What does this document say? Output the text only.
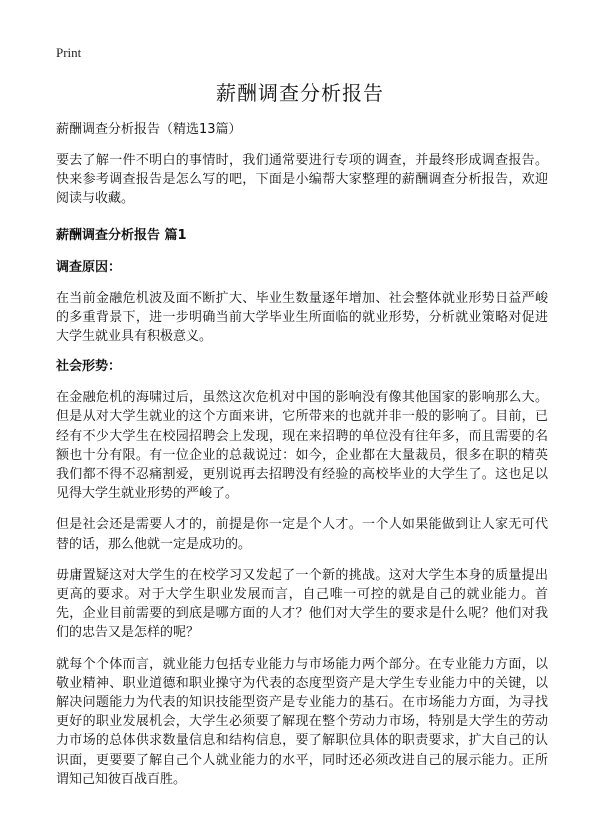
Print
薪酬调查分析报告
薪酬调查分析报告（精选13篇）

要去了解一件不明白的事情时，我们通常要进行专项的调查，并最终形成调查报告。快来参考调查报告是怎么写的吧，下面是小编帮大家整理的薪酬调查分析报告，欢迎阅读与收藏。

薪酬调查分析报告 篇1
调查原因：

在当前金融危机波及面不断扩大、毕业生数量逐年增加、社会整体就业形势日益严峻的多重背景下，进一步明确当前大学毕业生所面临的就业形势，分析就业策略对促进大学生就业具有积极意义。

社会形势：

在金融危机的海啸过后，虽然这次危机对中国的影响没有像其他国家的影响那么大。但是从对大学生就业的这个方面来讲，它所带来的也就并非一般的影响了。目前，已经有不少大学生在校园招聘会上发现，现在来招聘的单位没有往年多，而且需要的名额也十分有限。有一位企业的总裁说过：如今，企业都在大量裁员，很多在职的精英我们都不得不忍痛割爱，更别说再去招聘没有经验的高校毕业的大学生了。这也足以见得大学生就业形势的严峻了。

但是社会还是需要人才的，前提是你一定是个人才。一个人如果能做到让人家无可代替的话，那么他就一定是成功的。

毋庸置疑这对大学生的在校学习又发起了一个新的挑战。这对大学生本身的质量提出更高的要求。对于大学生职业发展而言，自己唯一可控的就是自己的就业能力。首先，企业目前需要的到底是哪方面的人才？他们对大学生的要求是什么呢？他们对我们的忠告又是怎样的呢？

就每个个体而言，就业能力包括专业能力与市场能力两个部分。在专业能力方面，以敬业精神、职业道德和职业操守为代表的态度型资产是大学生专业能力中的关键，以解决问题能力为代表的知识技能型资产是专业能力的基石。在市场能力方面，为寻找更好的职业发展机会，大学生必须要了解现在整个劳动力市场，特别是大学生的劳动力市场的总体供求数量信息和结构信息，要了解职位具体的职责要求，扩大自己的认识面，更要要了解自己个人就业能力的水平，同时还必须改进自己的展示能力。正所谓知己知彼百战百胜。
